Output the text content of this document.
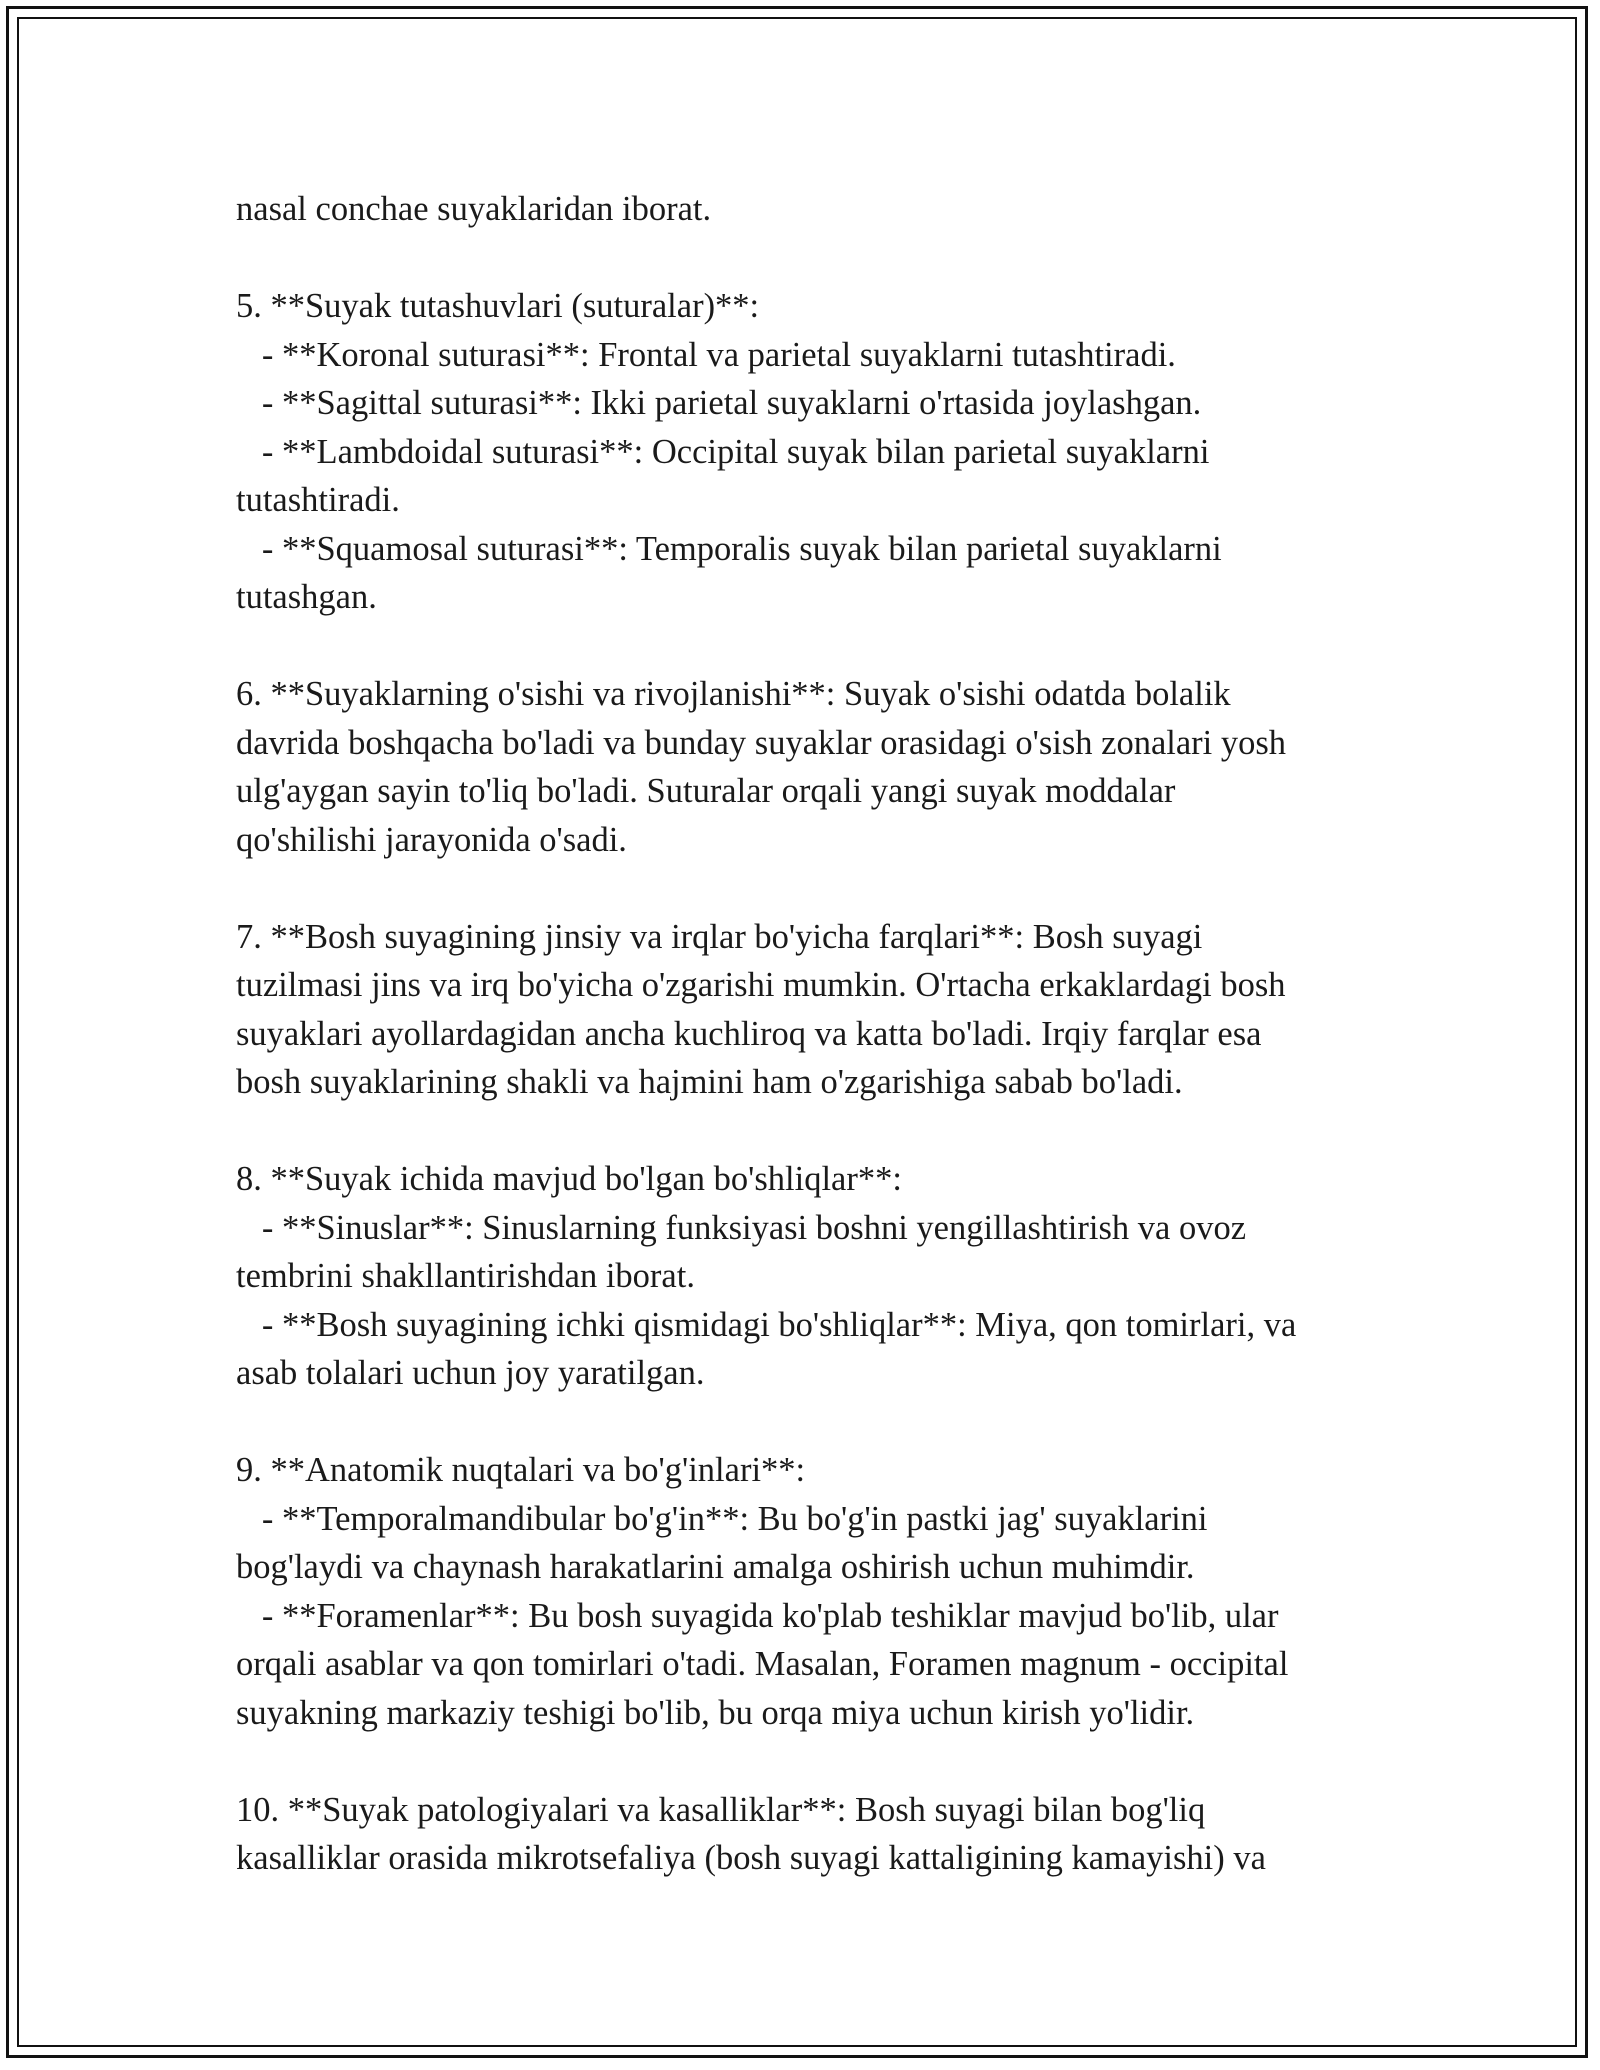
nasal conchae suyaklaridan iborat.
5. **Suyak tutashuvlari (suturalar)**:
- **Koronal suturasi**: Frontal va parietal suyaklarni tutashtiradi.
- **Sagittal suturasi**: Ikki parietal suyaklarni o'rtasida joylashgan.
- **Lambdoidal suturasi**: Occipital suyak bilan parietal suyaklarni
tutashtiradi.
- **Squamosal suturasi**: Temporalis suyak bilan parietal suyaklarni
tutashgan.
6. **Suyaklarning o'sishi va rivojlanishi**: Suyak o'sishi odatda bolalik
davrida boshqacha bo'ladi va bunday suyaklar orasidagi o'sish zonalari yosh
ulg'aygan sayin to'liq bo'ladi. Suturalar orqali yangi suyak moddalar
qo'shilishi jarayonida o'sadi.
7. **Bosh suyagining jinsiy va irqlar bo'yicha farqlari**: Bosh suyagi
tuzilmasi jins va irq bo'yicha o'zgarishi mumkin. O'rtacha erkaklardagi bosh
suyaklari ayollardagidan ancha kuchliroq va katta bo'ladi. Irqiy farqlar esa
bosh suyaklarining shakli va hajmini ham o'zgarishiga sabab bo'ladi.
8. **Suyak ichida mavjud bo'lgan bo'shliqlar**:
- **Sinuslar**: Sinuslarning funksiyasi boshni yengillashtirish va ovoz
tembrini shakllantirishdan iborat.
- **Bosh suyagining ichki qismidagi bo'shliqlar**: Miya, qon tomirlari, va
asab tolalari uchun joy yaratilgan.
9. **Anatomik nuqtalari va bo'g'inlari**:
- **Temporalmandibular bo'g'in**: Bu bo'g'in pastki jag' suyaklarini
bog'laydi va chaynash harakatlarini amalga oshirish uchun muhimdir.
- **Foramenlar**: Bu bosh suyagida ko'plab teshiklar mavjud bo'lib, ular
orqali asablar va qon tomirlari o'tadi. Masalan, Foramen magnum - occipital
suyakning markaziy teshigi bo'lib, bu orqa miya uchun kirish yo'lidir.
10. **Suyak patologiyalari va kasalliklar**: Bosh suyagi bilan bog'liq
kasalliklar orasida mikrotsefaliya (bosh suyagi kattaligining kamayishi) va
